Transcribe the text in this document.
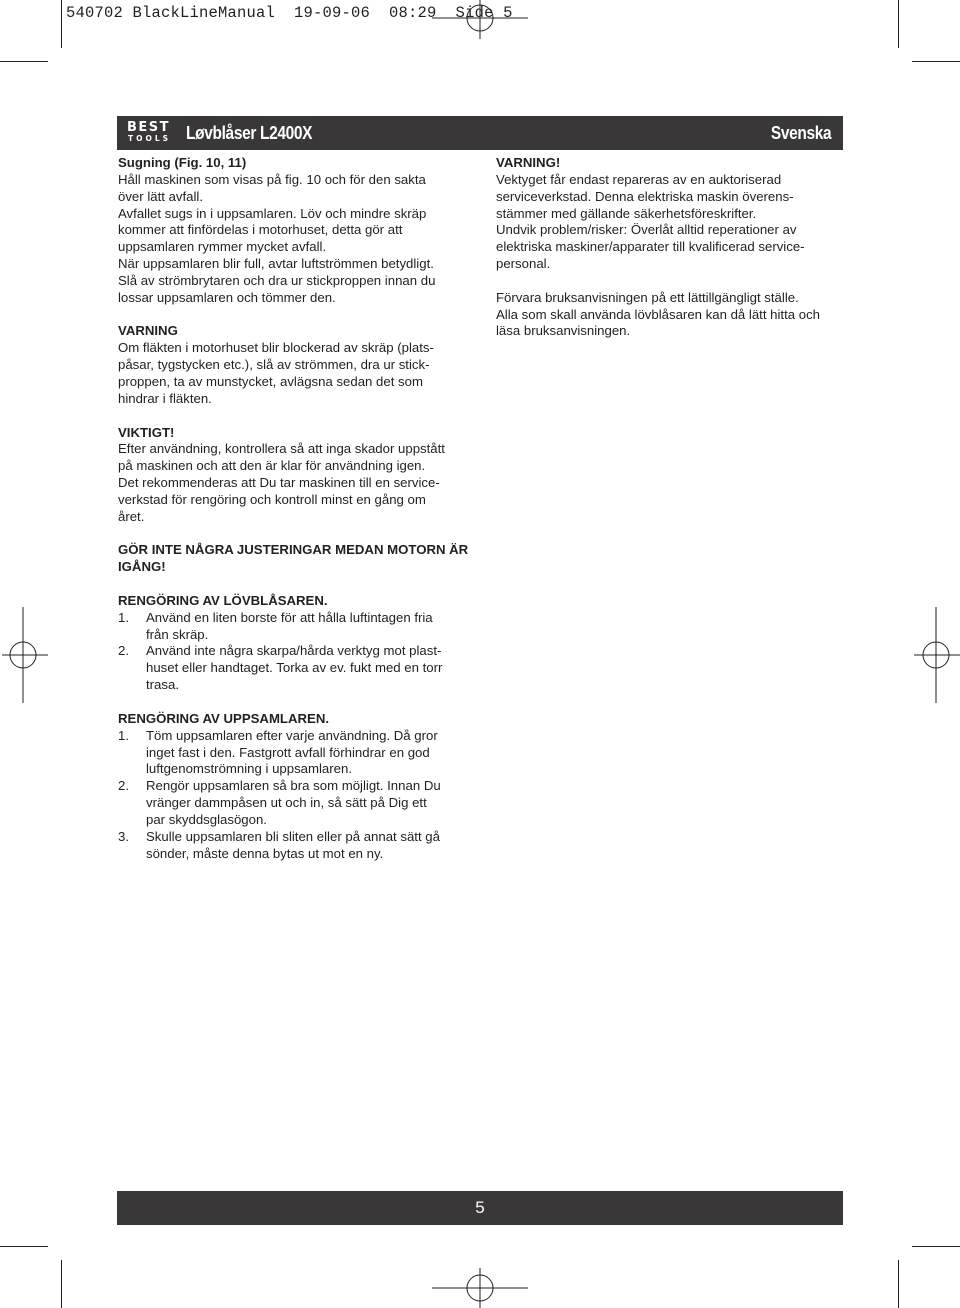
540702 BlackLineManual  19-09-06  08:29  Side 5
BEST
TOOLS Løvblåser L2400X	Svenska

Sugning (Fig. 10, 11)

Håll maskinen som visas på fig. 10 och för den sakta

över lätt avfall.

Avfallet sugs in i uppsamlaren. Löv och mindre skräp

kommer att finfördelas i motorhuset, detta gör att

uppsamlaren rymmer mycket avfall.

När uppsamlaren blir full, avtar luftströmmen betydligt.

Slå av strömbrytaren och dra ur stickproppen innan du

lossar uppsamlaren och tömmer den.

VARNING

Om fläkten i motorhuset blir blockerad av skräp (plats-

påsar, tygstycken etc.), slå av strömmen, dra ur stick-

proppen, ta av munstycket, avlägsna sedan det som

hindrar i fläkten.

VIKTIGT!

Efter användning, kontrollera så att inga skador uppstått

på maskinen och att den är klar för användning igen.

Det rekommenderas att Du tar maskinen till en service-

verkstad för rengöring och kontroll minst en gång om

året.

GÖR INTE NÅGRA JUSTERINGAR MEDAN MOTORN ÄR

IGÅNG!

RENGÖRING AV LÖVBLÅSAREN.

1.	Använd en liten borste för att hålla luftintagen fria

från skräp.

2.	Använd inte några skarpa/hårda verktyg mot plast-

huset eller handtaget. Torka av ev. fukt med en torr

trasa.

RENGÖRING AV UPPSAMLAREN.

1.	Töm uppsamlaren efter varje användning. Då gror

inget fast i den. Fastgrott avfall förhindrar en god

luftgenomströmning i uppsamlaren.

2.	Rengör uppsamlaren så bra som möjligt. Innan Du

vränger dammpåsen ut och in, så sätt på Dig ett

par skyddsglasögon.

3.	Skulle uppsamlaren bli sliten eller på annat sätt gå

sönder, måste denna bytas ut mot en ny.

VARNING!

Vektyget får endast repareras av en auktoriserad

serviceverkstad. Denna elektriska maskin överens-

stämmer med gällande säkerhetsföreskrifter.

Undvik problem/risker: Överlåt alltid reperationer av

elektriska maskiner/apparater till kvalificerad service-

personal.

Förvara bruksanvisningen på ett lättillgängligt ställe.

Alla som skall använda lövblåsaren kan då lätt hitta och

läsa bruksanvisningen.

5
